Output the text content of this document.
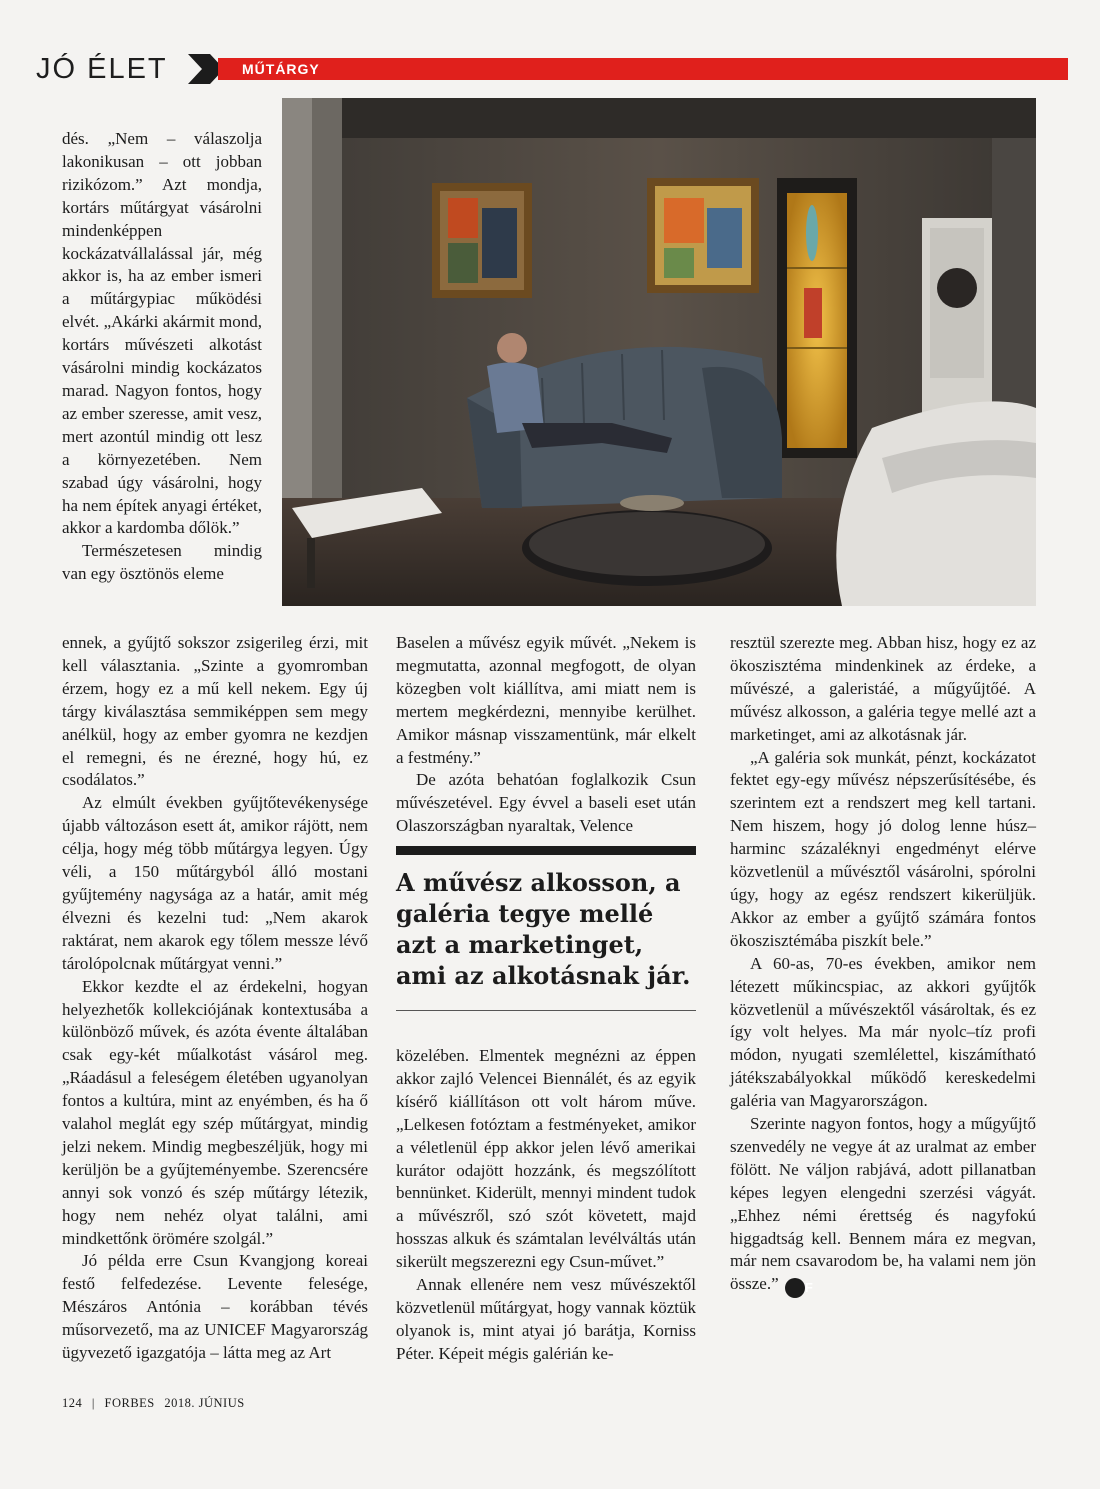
JÓ ÉLET	MŰTÁRGY

dés. „Nem – válaszolja lakonikusan – ott jobban rizikózom.” Azt mondja, kortárs műtárgyat vásárolni mindenképpen kockázatvállalással jár, még akkor is, ha az ember ismeri a műtárgypiac működési elvét. „Akárki akármit mond, kortárs művészeti alkotást vásárolni mindig kockázatos marad. Nagyon fontos, hogy az ember szeresse, amit vesz, mert azontúl mindig ott lesz a környezetében. Nem szabad úgy vásárolni, hogy ha nem építek anyagi értéket, akkor a kardomba dőlök.”

Természetesen mindig van egy ösztönös eleme

ennek, a gyűjtő sokszor zsigerileg érzi, mit kell választania. „Szinte a gyomromban érzem, hogy ez a mű kell nekem. Egy új tárgy kiválasztása semmiképpen sem megy anélkül, hogy az ember gyomra ne kezdjen el remegni, és ne érezné, hogy hú, ez csodálatos.”

Az elmúlt években gyűjtőtevékenysége újabb változáson esett át, amikor rájött, nem célja, hogy még több műtárgya legyen. Úgy véli, a 150 műtárgyból álló mostani gyűjtemény nagysága az a határ, amit még élvezni és kezelni tud: „Nem akarok raktárat, nem akarok egy tőlem messze lévő tárolópolcnak műtárgyat venni.”

Ekkor kezdte el az érdekelni, hogyan helyezhetők kollekciójának kontextusába a különböző művek, és azóta évente általában csak egy-két műalkotást vásárol meg. „Ráadásul a feleségem életében ugyanolyan fontos a kultúra, mint az enyémben, és ha ő valahol meglát egy szép műtárgyat, mindig jelzi nekem. Mindig megbeszéljük, hogy mi kerüljön be a gyűjteményembe. Szerencsére annyi sok vonzó és szép műtárgy létezik, hogy nem nehéz olyat találni, ami mindkettőnk örömére szolgál.”

Jó példa erre Csun Kvangjong koreai festő felfedezése. Levente felesége, Mészáros Antónia – korábban tévés műsorvezető, ma az UNICEF Magyarország ügyvezető igazgatója – látta meg az Art

Baselen a művész egyik művét. „Nekem is megmutatta, azonnal megfogott, de olyan közegben volt kiállítva, ami miatt nem is mertem megkérdezni, mennyibe kerülhet. Amikor másnap visszamentünk, már elkelt a festmény.”

De azóta behatóan foglalkozik Csun művészetével. Egy évvel a baseli eset után Olaszországban nyaraltak, Velence

A művész alkosson, a galéria tegye mellé azt a marketinget, ami az alkotásnak jár.

közelében. Elmentek megnézni az éppen akkor zajló Velencei Biennálét, és az egyik kísérő kiállításon ott volt három műve. „Lelkesen fotóztam a festményeket, amikor a véletlenül épp akkor jelen lévő amerikai kurátor odajött hozzánk, és megszólított bennünket. Kiderült, mennyi mindent tudok a művészről, szó szót követett, majd hosszas alkuk és számtalan levélváltás után sikerült megszerezni egy Csun-művet.”

Annak ellenére nem vesz művészektől közvetlenül műtárgyat, hogy vannak köztük olyanok is, mint atyai jó barátja, Korniss Péter. Képeit mégis galérián ke-

resztül szerezte meg. Abban hisz, hogy ez az ökoszisztéma mindenkinek az érdeke, a művészé, a galeristáé, a műgyűjtőé. A művész alkosson, a galéria tegye mellé azt a marketinget, ami az alkotásnak jár.

„A galéria sok munkát, pénzt, kockázatot fektet egy-egy művész népszerűsítésébe, és szerintem ezt a rendszert meg kell tartani. Nem hiszem, hogy jó dolog lenne húsz–harminc százaléknyi engedményt elérve közvetlenül a művésztől vásárolni, spórolni úgy, hogy az egész rendszert kikerüljük. Akkor az ember a gyűjtő számára fontos ökoszisztémába piszkít bele.”

A 60-as, 70-es években, amikor nem létezett műkincspiac, az akkori gyűjtők közvetlenül a művészektől vásároltak, és ez így volt helyes. Ma már nyolc–tíz profi módon, nyugati szemlélettel, kiszámítható játékszabályokkal működő kereskedelmi galéria van Magyarországon.

Szerinte nagyon fontos, hogy a műgyűjtő szenvedély ne vegye át az uralmat az ember fölött. Ne váljon rabjává, adott pillanatban képes legyen elengedni szerzési vágyát. „Ehhez némi érettség és nagyfokú higgadtság kell. Bennem mára ez megvan, már nem csavarodom be, ha valami nem jön össze.” F

124 | FORBES 2018. JÚNIUS
